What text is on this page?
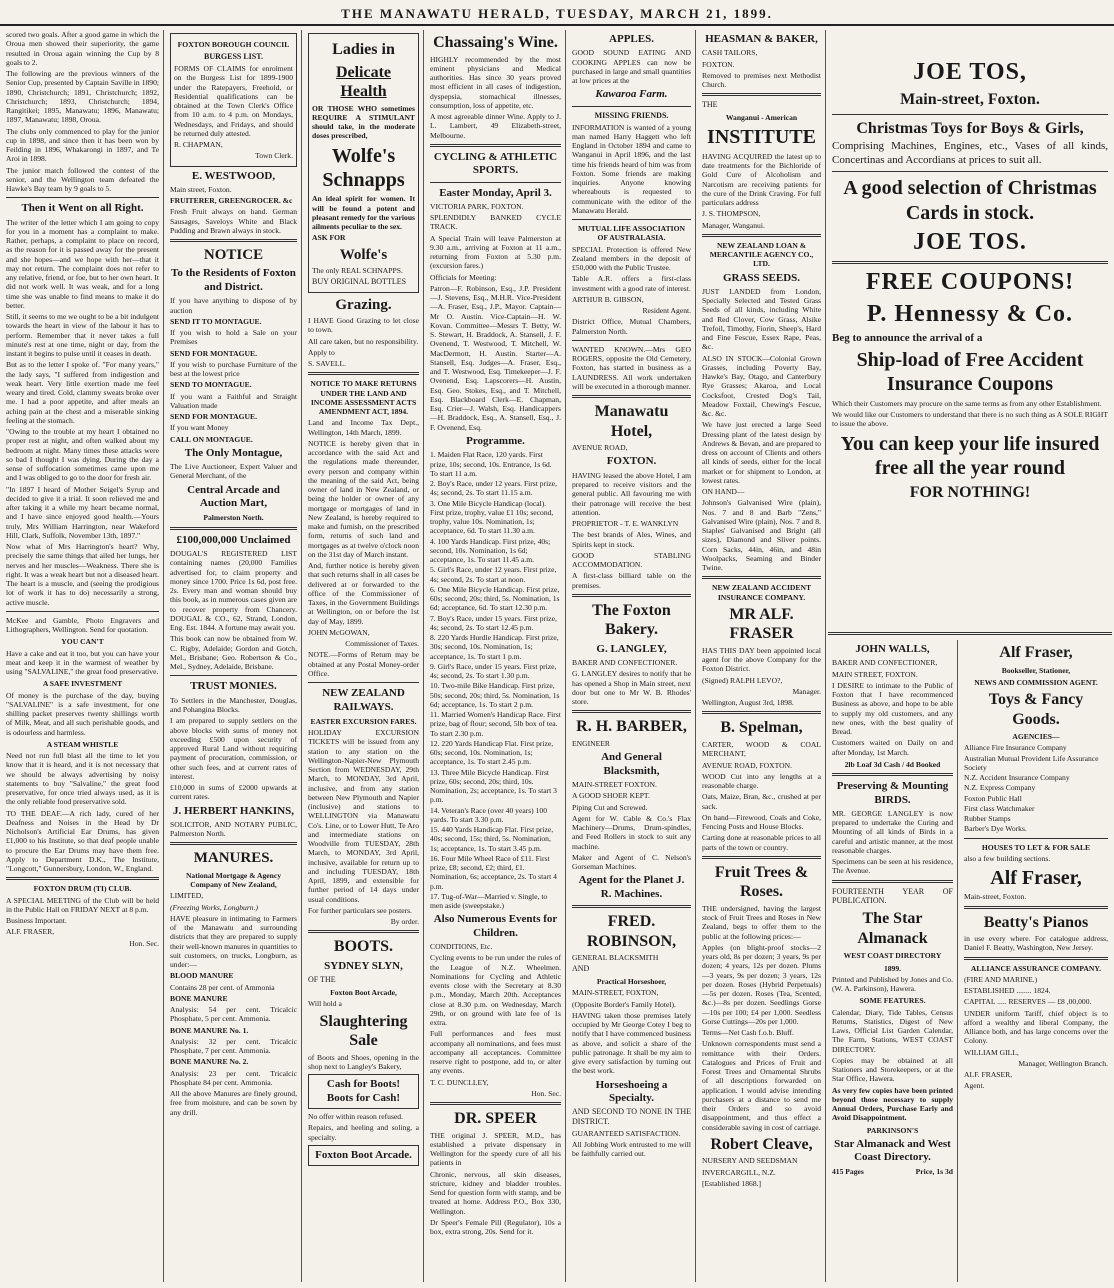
THE MANAWATU HERALD, TUESDAY, MARCH 21, 1899.

scored two goals. After a good game in which the Oroua men showed their superiority, the game resulted in Oroua again winning the Cup by 8 goals to 2.

The following are the previous winners of the Senior Cup, presented by Captain Saville in 1890; 1890, Christchurch; 1891, Christchurch; 1892, Christchurch; 1893, Christchurch; 1894, Rangitikei; 1895, Manawatu; 1896, Manawatu; 1897, Manawatu; 1898, Oroua.

The clubs only commenced to play for the junior cup in 1898, and since then it has been won by Feilding in 1896, Whakarongi in 1897, and Te Aroi in 1898.

The junior match followed the contest of the senior, and the Wellington team defeated the Hawke's Bay team by 9 goals to 5.

Then it Went on all Right.

The writer of the letter which I am going to copy for you in a moment has a complaint to make. Rather, perhaps, a complaint to place on record, as the reason for it is passed away for the present and she hopes—and we hope with her—that it may not return. The complaint does not refer to any relative, friend, or foe, but to her own heart. It did not work well. It was weak, and for a long time she was unable to find means to make it do better.

Still, it seems to me we ought to be a bit indulgent towards the heart in view of the labour it has to perform. Remember that it never takes a full minute's rest at one time, night or day, from the instant it begins to pulse until it ceases in death.

But as to the letter I spoke of. "For many years," the lady says, "I suffered from indigestion and weak heart. Very little exertion made me feel weary and tired. Cold, clammy sweats broke over me. I had a poor appetite, and after meals an aching pain at the chest and a miserable sinking feeling at the stomach.

"Owing to the trouble at my heart I obtained no proper rest at night, and often walked about my bedroom at night. Many times these attacks were so bad I thought I was dying. During the day a sense of suffocation sometimes came upon me and I was obliged to go to the door for fresh air.

"In 1897 I heard of Mother Seigel's Syrup and decided to give it a trial. It soon relieved me and after taking it a while my heart became normal, and I have since enjoyed good health.—Yours truly, Mrs William Harrington, near Wakeford Hill, Clark, Suffolk, November 13th, 1897."

Now what of Mrs Harrington's heart? Why, precisely the same things that ailed her lungs, her nerves and her muscles—Weakness. There she is right. It was a weak heart but not a diseased heart. The heart is a muscle, and (seeing the prodigious lot of work it has to do) necessarily a strong, active muscle.

McKee and Gamble, Photo Engravers and Lithographers, Wellington. Send for quotation.

YOU CAN'T

Have a cake and eat it too, but you can have your meat and keep it in the warmest of weather by using "SALVALINE," the great food preservative.

A SAFE INVESTMENT

Of money is the purchase of the day, buying "SALVALINE" is a safe investment, for one shilling packet preserves twenty shillings worth of Milk, Meat, and all such perishable goods, and is odourless and harmless.

A STEAM WHISTLE

Need not run full blast all the time to let you know that it is heard, and it is not necessary that we should be always advertising by noisy statements to buy "Salvaline," the great food preservative, for once tried always used, as it is the only reliable food preservative sold.

TO THE DEAF.—A rich lady, cured of her Deafness and Noises in the Head by Dr Nicholson's Artificial Ear Drums, has given £1,000 to his Institute, so that deaf people unable to procure the Ear Drums may have them free. Apply to Department D.K., The Institute, "Longcott," Gunnersbury, London, W., England.

FOXTON DRUM (TI) CLUB.

A SPECIAL MEETING of the Club will be held in the Public Hall on FRIDAY NEXT at 8 p.m.

Business Important.

ALF. FRASER,

Hon. Sec.

FOXTON BOROUGH COUNCIL
BURGESS LIST.

FORMS OF CLAIMS for enrolment on the Burgess List for 1899-1900 under the Ratepayers, Freehold, or Residential qualifications can be obtained at the Town Clerk's Office from 10 a.m. to 4 p.m. on Mondays, Wednesdays, and Fridays, and should be returned duly attested.

R. CHAPMAN,

Town Clerk.

E. WESTWOOD,

Main street, Foxton.

FRUITERER, GREENGROCER. &c

Fresh Fruit always on hand. German Sausages, Saveloys White and Black Pudding and Brawn always in stock.

NOTICE
To the Residents of Foxton and District.

If you have anything to dispose of by auction

SEND IT TO MONTAGUE.

If you wish to hold a Sale on your Premises

SEND FOR MONTAGUE.

If you wish to purchase Furniture of the best at the lowest price

SEND TO MONTAGUE.

If you want a Faithful and Straight Valuation made

SEND FOR MONTAGUE.

If you want Money

CALL ON MONTAGUE.

The Only Montague,

The Live Auctioneer, Expert Valuer and General Merchant, of the

Central Arcade and Auction Mart,
Palmerston North.
£100,000,000 Unclaimed

DOUGAL'S REGISTERED LIST containing names (20,000 Families advertised for, to claim property and money since 1700. Price 1s 6d, post free. 2s. Every man and woman should buy this book, as in numerous cases given are to recover property from Chancery. DOUGAL & CO., 62, Strand, London, Eng. Est. 1844. A fortune may await you.

This book can now be obtained from W. C. Rigby, Adelaide; Gordon and Gotch, Mel., Brisbane; Geo. Robertson & Co., Mel., Sydney, Adelaide, Brisbane.

TRUST MONIES.

To Settlers in the Manchester, Douglas, and Pohangina Blocks.

I am prepared to supply settlers on the above blocks with sums of money not exceeding £500 upon security of approved Rural Land without requiring payment of procuration, commission, or other such fees, and at current rates of interest.

£10,000 in sums of £2000 upwards at current rates.

J. HERBERT HANKINS,

SOLICITOR, AND NOTARY PUBLIC, Palmerston North.

MANURES.
National Mortgage & Agency Company of New Zealand,

LIMITED,

(Freezing Works, Longburn.)

HAVE pleasure in intimating to Farmers of the Manawatu and surrounding districts that they are prepared to supply their well-known manures in quantities to suit customers, on trucks, Longburn, as under:—

BLOOD MANURE

Contains 28 per cent. of Ammonia

BONE MANURE

Analysis: 54 per cent. Tricalcic Phosphate, 5 per cent. Ammonia.

BONE MANURE No. 1.

Analysis: 32 per cent. Tricalcic Phosphate, 7 per cent. Ammonia.

BONE MANURE No. 2.

Analysis: 23 per cent. Tricalcic Phosphate 84 per cent. Ammonia.

All the above Manures are finely ground, free from moisture, and can be sown by any drill.

Ladies in
Delicate Health

OR THOSE WHO sometimes REQUIRE A STIMULANT should take, in the moderate doses prescribed,

Wolfe's Schnapps

An ideal spirit for women. It will be found a potent and pleasant remedy for the various ailments peculiar to the sex.

ASK FOR

Wolfe's

The only REAL SCHNAPPS.

BUY ORIGINAL BOTTLES

Grazing.

I HAVE Good Grazing to let close to town.

All care taken, but no responsibility.

Apply to

S. SAVELL.

NOTICE TO MAKE RETURNS UNDER THE LAND AND INCOME ASSESSMENT ACTS AMENDMENT ACT, 1894.

Land and Income Tax Dept., Wellington, 14th March, 1899.

NOTICE is hereby given that in accordance with the said Act and the regulations made thereunder, every person and company within the meaning of the said Act, being owner of land in New Zealand, or being the holder or owner of any mortgage or mortgages of land in New Zealand, is hereby required to make and furnish, on the prescribed form, returns of such land and mortgages as at twelve o'clock noon on the 31st day of March instant.

And, further notice is hereby given that such returns shall in all cases be delivered at or forwarded to the office of the Commissioner of Taxes, in the Government Buildings at Wellington, on or before the 1st day of May, 1899.

JOHN McGOWAN,

Commissioner of Taxes.

NOTE.—Forms of Return may be obtained at any Postal Money-order Office.

NEW ZEALAND RAILWAYS.
EASTER EXCURSION FARES.

HOLIDAY EXCURSION TICKETS will be issued from any station to any station on the Wellington-Napier-New Plymouth Section from WEDNESDAY, 29th March, to MONDAY, 3rd April, inclusive, and from any station between New Plymouth and Napier (inclusive) and stations to WELLINGTON via Manawatu Co's. Line, or to Lower Hutt, Te Aro and intermediate stations on Woodville from TUESDAY, 28th March, to MONDAY, 3rd April, inclusive, available for return up to and including TUESDAY, 18th April, 1899, and extensible for further period of 14 days under usual conditions.

For further particulars see posters.

By order.

BOOTS.
SYDNEY SLYN,

OF THE

Foxton Boot Arcade,

Will hold a

Slaughtering Sale

of Boots and Shoes, opening in the shop next to Langley's Bakery,

Cash for Boots!
Boots for Cash!

No offer within reason refused.

Repairs, and heeling and soling, a specialty.

Foxton Boot Arcade.
Chassaing's Wine.

HIGHLY recommended by the most eminent physicians and Medical authorities. Has since 30 years proved most efficient in all cases of indigestion, dyspepsia, stomachical illnesses, consumption, loss of appetite, etc.

A most agreeable dinner Wine. Apply to J. L. Lambert, 49 Elizabeth-street, Melbourne.

CYCLING & ATHLETIC SPORTS.
Easter Monday, April 3.

VICTORIA PARK, FOXTON.

SPLENDIDLY BANKED CYCLE TRACK.

A Special Train will leave Palmerston at 9.30 a.m., arriving at Foxton at 11 a.m., returning from Foxton at 5.30 p.m. (excursion fares.)

Officials for Meeting:

Patron—F. Robinson, Esq., J.P. President—J. Stevens, Esq., M.H.R. Vice-President—A. Fraser, Esq., J.P., Mayor. Captain—Mr O. Austin. Vice-Captain—H. W. Kovan. Committee—Messrs T. Betty, W. S. Stewart, H. Braddock, A. Stansell, J. F. Ovenend, T. Westwood, T. Mitchell, W. MacDermott, H. Austin. Starter—A. Stansell, Esq. Judges—A. Fraser, Esq., and T. Westwood, Esq. Timekeeper—J. F. Ovenend, Esq. Lapscorers—H. Austin, Esq. Geo. Stokes, Esq., and T. Mitchell, Esq. Blackboard Clerk—E. Chapman, Esq. Crier—J. Walsh, Esq. Handicappers—H. Braddock, Esq., A. Stansell, Esq., J. F. Ovenend, Esq.

Programme.
1. Maiden Flat Race, 120 yards. First prize, 10s; second, 10s. Entrance, 1s 6d. To start 11 a.m.
2. Boy's Race, under 12 years. First prize, 4s; second, 2s. To start 11.15 a.m.
3. One Mile Bicycle Handicap (local). First prize, trophy, value £1 10s; second, trophy, value 10s. Nomination, 1s; acceptance, 6d. To start 11.30 a.m.
4. 100 Yards Handicap. First prize, 40s; second, 10s. Nomination, 1s 6d; acceptance, 1s. To start 11.45 a.m.
5. Girl's Race, under 12 years. First prize, 4s; second, 2s. To start at noon.
6. One Mile Bicycle Handicap. First prize, 60s; second, 20s; third, 5s. Nomination, 1s 6d; acceptance, 6d. To start 12.30 p.m.
7. Boy's Race, under 15 years. First prize, 4s; second, 2s. To start 12.45 p.m.
8. 220 Yards Hurdle Handicap. First prize, 30s; second, 10s. Nomination, 1s; acceptance, 1s. To start 1 p.m.
9. Girl's Race, under 15 years. First prize, 4s; second, 2s. To start 1.30 p.m.
10. Two-mile Bike Handicap. First prize, 50s; second, 20s; third, 5s. Nomination, 1s 6d; acceptance, 1s. To start 2 p.m.
11. Married Women's Handicap Race. First prize, bag of flour; second, 5lb box of tea. To start 2.30 p.m.
12. 220 Yards Handicap Flat. First prize, 60s; second, 10s. Nomination, 1s; acceptance, 1s. To start 2.45 p.m.
13. Three Mile Bicycle Handicap. First prize, 60s; second, 20s; third, 10s. Nomination, 2s; acceptance, 1s. To start 3 p.m.
14. Veteran's Race (over 40 years) 100 yards. To start 3.30 p.m.
15. 440 Yards Handicap Flat. First prize, 40s; second, 15s; third, 5s. Nomination, 1s; acceptance, 1s. To start 3.45 p.m.
16. Four Mile Wheel Race of £11. First prize, £8; second, £2; third, £1. Nomination, 6s; acceptance, 2s. To start 4 p.m.
17. Tug-of-War—Married v. Single, to men aside (sweepstake.)
Also Numerous Events for Children.

CONDITIONS, Etc.

Cycling events to be run under the rules of the League of N.Z. Wheelmen. Nominations for Cycling and Athletic events close with the Secretary at 8.30 p.m., Monday, March 20th. Acceptances close at 8.30 p.m. on Wednesday, March 29th, or on ground with late fee of 1s extra.

Full performances and fees must accompany all nominations, and fees must accompany all acceptances. Committee reserve right to postpone, add to, or alter any events.

T. C. DUNCLLEY,

Hon. Sec.

DR. SPEER

THE original J. SPEER, M.D., has established a private dispensary in Wellington for the speedy cure of all his patients in

Chronic, nervous, all skin diseases, stricture, kidney and bladder troubles. Send for question form with stamp, and be treated at home. Address P.O., Box 330, Wellington.

Dr Speer's Female Pill (Regulator), 10s a box, extra strong, 20s. Send for it.

APPLES.

GOOD SOUND EATING AND COOKING APPLES can now be purchased in large and small quantities at low prices at the

Kawaroa Farm.
MISSING FRIENDS.

INFORMATION is wanted of a young man named Harry Haggett who left England in October 1894 and came to Wanganui in April 1896, and the last time his friends heard of him was from Foxton. Some friends are making inquiries. Anyone knowing whereabouts is requested to communicate with the editor of the Manawatu Herald.

MUTUAL LIFE ASSOCIATION OF AUSTRALASIA.

SPECIAL Protection is offered New Zealand members in the deposit of £50,000 with the Public Trustee.

Table A.R. offers a first-class investment with a good rate of interest.

ARTHUR B. GIBSON,

Resident Agent.

District Office, Mutual Chambers, Palmerston North.

WANTED KNOWN.—Mrs GEO ROGERS, opposite the Old Cemetery, Foxton, has started in business as a LAUNDRESS. All work undertaken will be executed in a thorough manner.

Manawatu Hotel,

AVENUE ROAD,

FOXTON.

HAVING leased the above Hotel, I am prepared to receive visitors and the general public. All favouring me with their patronage will receive the best attention.

PROPRIETOR - T. E. WANKLYN

The best brands of Ales, Wines, and Spirits kept in stock.

GOOD STABLING ACCOMMODATION.

A first-class billiard table on the premises.

The Foxton Bakery.
G. LANGLEY,

BAKER AND CONFECTIONER.

G. LANGLEY desires to notify that he has opened a Shop in Main street, next door but one to Mr W. B. Rhodes' store.

R. H. BARBER,

ENGINEER

And General Blacksmith,

MAIN-STREET FOXTON.

A GOOD SHOER KEPT.

Piping Cut and Screwed.

Agent for W. Cable & Co.'s Flax Machinery—Drums, Drum-spindles, and Feed Rollers in stock to suit any machine.

Maker and Agent of C. Nelson's Gorseman Machines.

Agent for the Planet J. R. Machines.
FRED. ROBINSON,

GENERAL BLACKSMITH

AND

Practical Horseshoer,

MAIN-STREET, FOXTON,

(Opposite Border's Family Hotel).

HAVING taken those premises lately occupied by Mr George Cotey I beg to notify that I have commenced business as above, and solicit a share of the public patronage. It shall be my aim to give every satisfaction by turning out the best work.

Horseshoeing a Specialty.

AND SECOND TO NONE IN THE DISTRICT.

GUARANTEED SATISFACTION.

All Jobbing Work entrusted to me will be faithfully carried out.

HEASMAN & BAKER,

CASH TAILORS,

FOXTON.

Removed to premises next Methodist Church.

THE

Wanganui - American
INSTITUTE

HAVING ACQUIRED the latest up to date treatments for the Bichloride of Gold Cure of Alcoholism and Narcotism are receiving patients for the cure of the Drink Craving. For full particulars address

J. S. THOMPSON,

Manager, Wanganui.

NEW ZEALAND LOAN & MERCANTILE AGENCY CO., LTD.
GRASS SEEDS.

JUST LANDED from London, Specially Selected and Tested Grass Seeds of all kinds, including White and Red Clover, Cow Grass, Alsike Trefoil, Timothy, Fiorin, Sheep's, Hard and Fine Fescue, Essex Rape, Peas, &c.

ALSO IN STOCK—Colonial Grown Grasses, including Poverty Bay, Hawke's Bay, Otago, and Canterbury Rye Grasses; Akaroa, and Local Cocksfoot, Crested Dog's Tail, Meadow Foxtail, Chewing's Fescue, &c. &c.

We have just erected a large Seed Dressing plant of the latest design by Andrews & Bevan, and are prepared to dress on account of Clients and others all kinds of seeds, either for the local market or for shipment to London, at lowest rates.

ON HAND—

Johnson's Galvanised Wire (plain), Nos. 7 and 8 and Barb "Zens," Galvanised Wire (plain), Nos. 7 and 8. Staples' Galvanised and Bright (all sizes), Diamond and Sliver points. Corn Sacks, 44in, 46in, and 48in Woolpacks, Seaming and Binder Twine.

NEW ZEALAND ACCIDENT INSURANCE COMPANY.
MR ALF. FRASER

HAS THIS DAY been appointed local agent for the above Company for the Foxton District.

(Signed) RALPH LEVO?,

Manager.

Wellington, August 3rd, 1898.

B. Spelman,

CARTER, WOOD & COAL MERCHANT,

AVENUE ROAD, FOXTON.

WOOD Cut into any lengths at a reasonable charge.

Oats, Maize, Bran, &c., crushed at per sack.

On hand—Firewood, Coals and Coke, Fencing Posts and House Blocks.

Carting done at reasonable prices to all parts of the town or country.

Fruit Trees & Roses.

THE undersigned, having the largest stock of Fruit Trees and Roses in New Zealand, begs to offer them to the public at the following prices:—

Apples (on blight-proof stocks—2 years old, 8s per dozen; 3 years, 9s per dozen; 4 years, 12s per dozen. Plums—3 years, 9s per dozen; 3 years, 12s per dozen. Roses (Hybrid Perpetuals)—5s per dozen. Roses (Tea, Scented, &c.)—8s per dozen. Seedlings Gorse—10s per 100; £4 per 1,000. Seedless Gorse Cuttings—20s per 1,000.

Terms—Net Cash f.o.b. Bluff.

Unknown correspondents must send a remittance with their Orders. Catalogues and Prices of Fruit and Forest Trees and Ornamental Shrubs of all descriptions forwarded on application. I would advise intending purchasers at a distance to send me their Orders and so avoid disappointment, and thus effect a considerable saving in cost of carriage.

Robert Cleave,

NURSERY AND SEEDSMAN

INVERCARGILL, N.Z.

[Established 1868.]

JOE TOS,
Main-street, Foxton.
Christmas Toys for Boys & Girls,

Comprising Machines, Engines, etc., Vases of all kinds, Concertinas and Accordians at prices to suit all.

A good selection of Christmas Cards in stock.
JOE TOS.
FREE COUPONS!
P. Hennessy & Co.

Beg to announce the arrival of a

Ship-load of Free Accident Insurance Coupons

Which their Customers may procure on the same terms as from any other Establishment.

We would like our Customers to understand that there is no such thing as A SOLE RIGHT to issue the above.

You can keep your life insured free all the year round
FOR NOTHING!
JOHN WALLS,

BAKER AND CONFECTIONER,

MAIN STREET, FOXTON.

I DESIRE to intimate to the Public of Foxton that I have recommenced Business as above, and hope to be able to supply my old customers, and any new ones, with the best quality of Bread.

Customers waited on Daily on and after Monday, 1st March.

2lb Loaf 3d Cash / 4d Booked
Preserving & Mounting BIRDS.

MR. GEORGE LANGLEY is now prepared to undertake the Curing and Mounting of all kinds of Birds in a careful and artistic manner, at the most reasonable charges.

Specimens can be seen at his residence, The Avenue.

FOURTEENTH YEAR OF PUBLICATION.

The Star Almanack
WEST COAST DIRECTORY
1899.

Printed and Published by Jones and Co. (W. A. Parkinson), Hawera.

SOME FEATURES.

Calendar, Diary, Tide Tables, Census Returns, Statistics, Digest of New Laws, Official List Garden Calendar, The Farm, Stations, WEST COAST DIRECTORY.

Copies may be obtained at all Stationers and Storekeepers, or at the Star Office, Hawera.

As very few copies have been printed beyond those necessary to supply Annual Orders, Purchase Early and Avoid Disappointment.

PARKINSON'S
Star Almanack and West Coast Directory.
415 Pages	Price, 1s 3d
Alf Fraser,
Bookseller, Stationer,
NEWS AND COMMISSION AGENT.
Toys & Fancy Goods.
AGENCIES—
Alliance Fire Insurance Company
Australian Mutual Provident Life Assurance Society
N.Z. Accident Insurance Company
N.Z. Express Company
Foxton Public Hall
First class Watchmaker
Rubber Stamps
Barber's Dye Works.
HOUSES TO LET & FOR SALE

also a few building sections.

Alf Fraser,

Main-street, Foxton.

Beatty's Pianos

in use every where. For catalogue address, Daniel F. Beatty, Washington, New Jersey.

ALLIANCE ASSURANCE COMPANY.

(FIRE AND MARINE.)

ESTABLISHED ........ 1824.

CAPITAL ..... RESERVES — £8 ,00,000.

UNDER uniform Tariff, chief object is to afford a wealthy and liberal Company, the Alliance both, and has large concerns over the Colony.

WILLIAM GILL,

Manager, Wellington Branch.

ALF. FRASER,

Agent.
